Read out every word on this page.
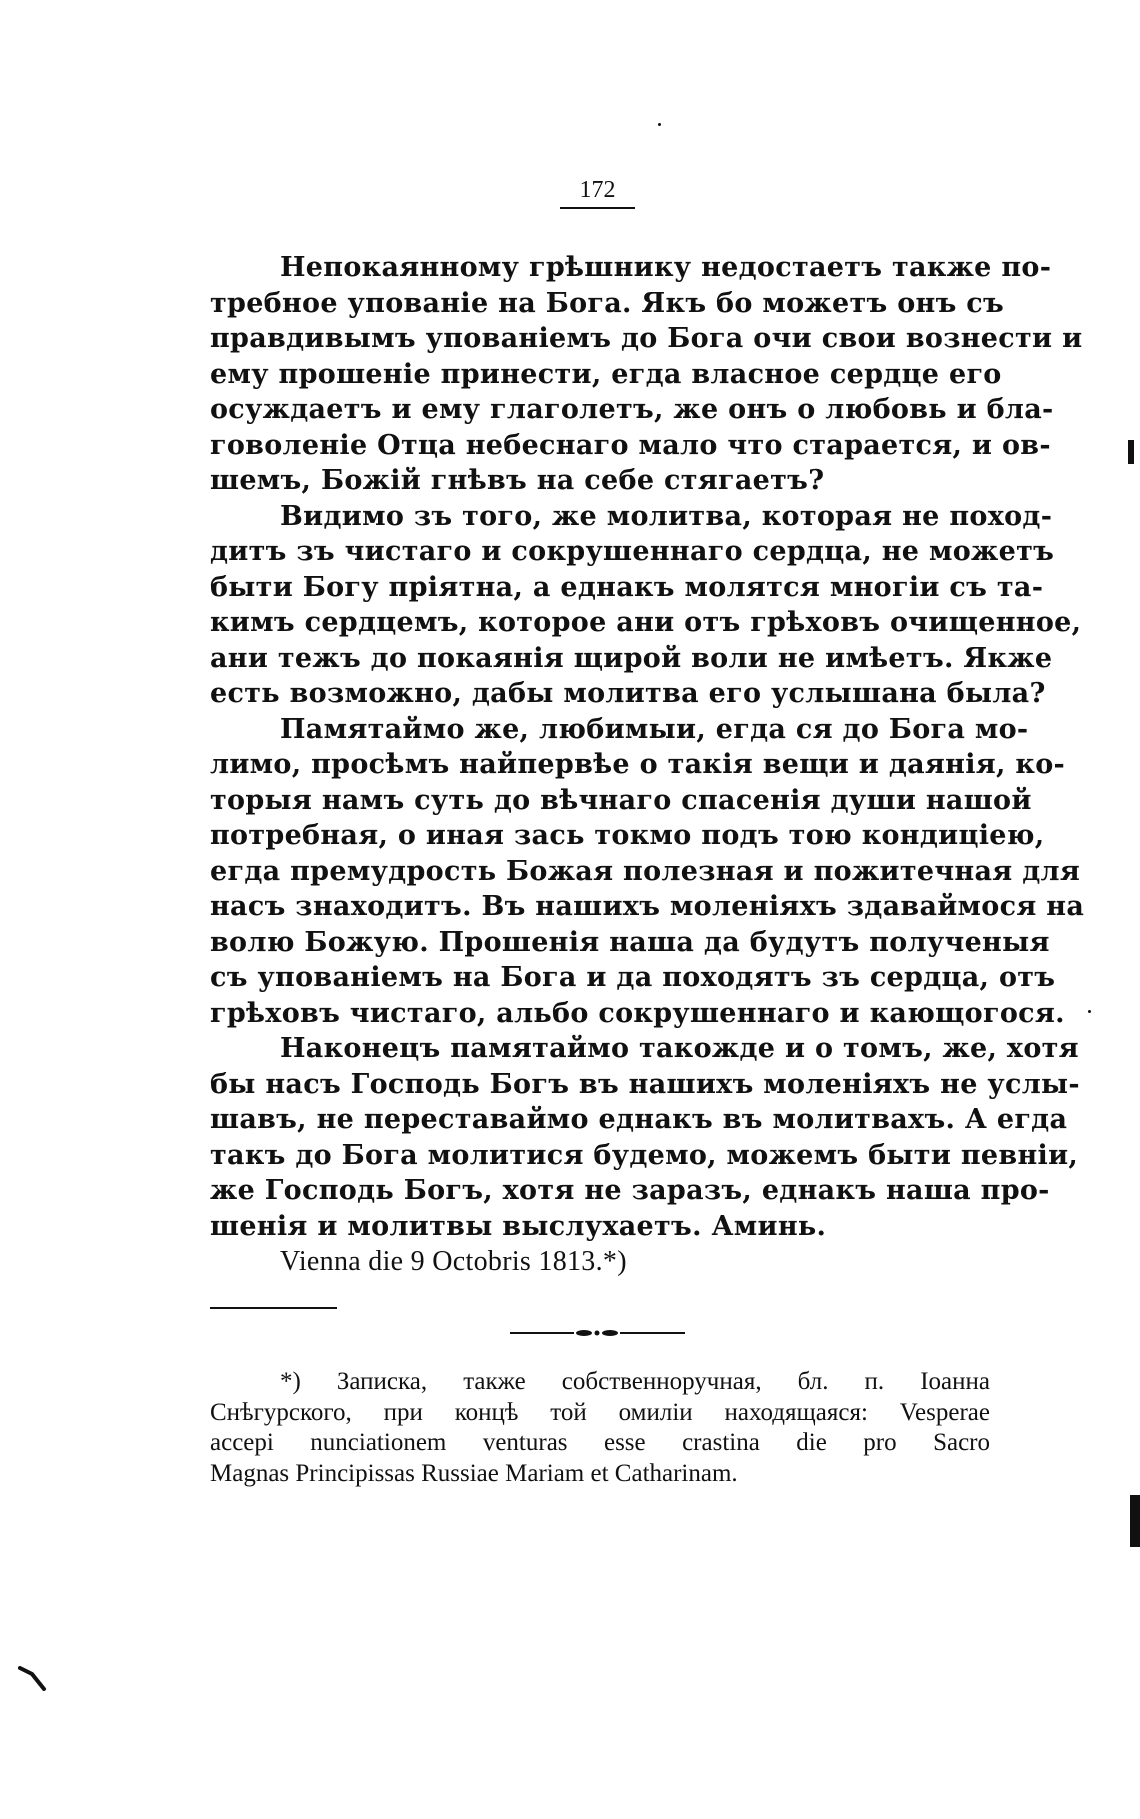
172
Непокаянному грѣшнику недостаетъ также по-
требное упованіе на Бога. Якъ бо можетъ онъ съ
правдивымъ упованіемъ до Бога очи свои вознести и
ему прошеніе принести, егда власное сердце его
осуждаетъ и ему глаголетъ, же онъ о любовь и бла-
говоленіе Отца небеснаго мало что старается, и ов-
шемъ, Божій гнѣвъ на себе стягаетъ?
Видимо зъ того, же молитва, которая не поход-
дитъ зъ чистаго и сокрушеннаго сердца, не можетъ
быти Богу пріятна, а еднакъ молятся многіи съ та-
кимъ сердцемъ, которое ани отъ грѣховъ очищенное,
ани тежъ до покаянія щирой воли не имѣетъ. Якже
есть возможно, дабы молитва его услышана была?
Памятаймо же, любимыи, егда ся до Бога мо-
лимо, просѣмъ найпервѣе о такія вещи и даянія, ко-
торыя намъ суть до вѣчнаго спасенія души нашой
потребная, о иная зась токмо подъ тою кондиціею,
егда премудрость Божая полезная и пожитечная для
насъ знаходитъ. Въ нашихъ моленіяхъ здаваймося на
волю Божую. Прошенія наша да будутъ полученыя
съ упованіемъ на Бога и да походятъ зъ сердца, отъ
грѣховъ чистаго, альбо сокрушеннаго и кающогося.
Наконецъ памятаймо такожде и о томъ, же, хотя
бы насъ Господь Богъ въ нашихъ моленіяхъ не услы-
шавъ, не переставаймо еднакъ въ молитвахъ. А егда
такъ до Бога молитися будемо, можемъ быти певніи,
же Господь Богъ, хотя не заразъ, еднакъ наша про-
шенія и молитвы выслухаетъ. Аминь.
Vienna die 9 Octobris 1813.*)
*) Записка, также собственноручная, бл. п. Іоанна
Снѣгурского, при концѣ той омиліи находящаяся: Vesperae
accepi nunciationem venturas esse crastina die pro Sacro
Magnas Principissas Russiae Mariam et Catharinam.
